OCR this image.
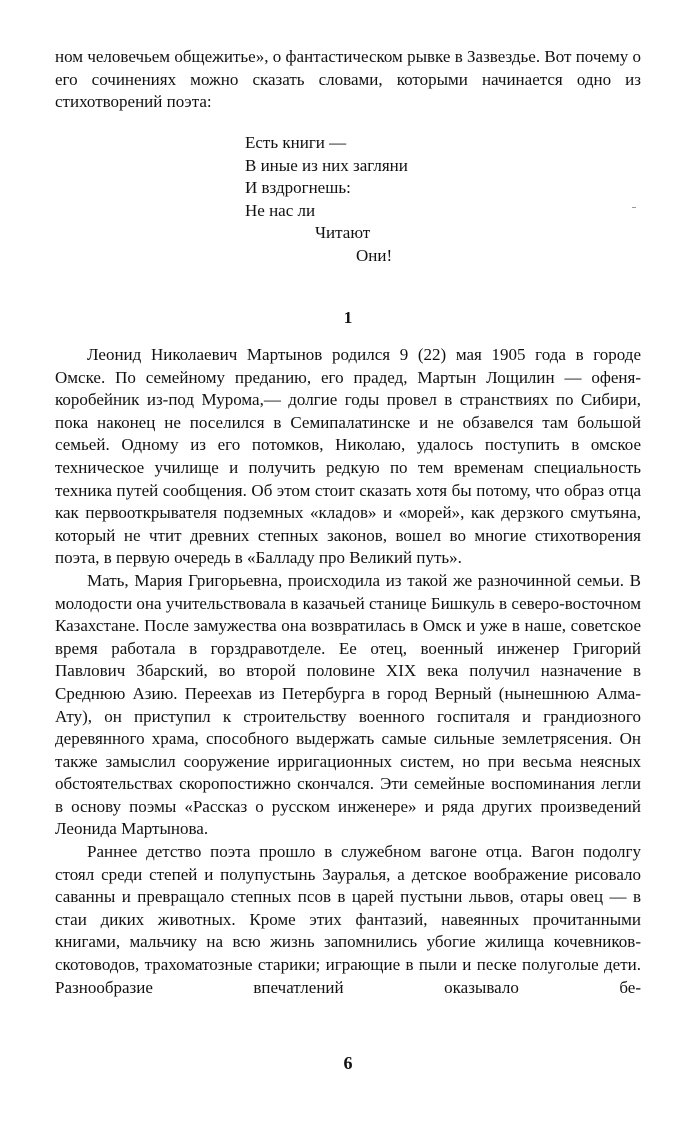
ном человечьем общежитье», о фантастическом рывке в Зазвездье. Вот почему о его сочинениях можно сказать словами, которыми начинается одно из стихотворений поэта:

Есть книги —
В иные из них загляни
И вздрогнешь:
Не нас ли
Читают
Они!
1

Леонид Николаевич Мартынов родился 9 (22) мая 1905 года в городе Омске. По семейному преданию, его прадед, Мартын Лощилин — офеня-коробейник из-под Мурома,— долгие годы провел в странствиях по Сибири, пока наконец не поселился в Семипалатинске и не обзавелся там большой семьей. Одному из его потомков, Николаю, удалось поступить в омское техническое училище и получить редкую по тем временам специальность техника путей сообщения. Об этом стоит сказать хотя бы потому, что образ отца как первооткрывателя подземных «кладов» и «морей», как дерзкого смутьяна, который не чтит древних степных законов, вошел во многие стихотворения поэта, в первую очередь в «Балладу про Великий путь».

Мать, Мария Григорьевна, происходила из такой же разночинной семьи. В молодости она учительствовала в казачьей станице Бишкуль в северо-восточном Казахстане. После замужества она возвратилась в Омск и уже в наше, советское время работала в горздравотделе. Ее отец, военный инженер Григорий Павлович Збарский, во второй половине XIX века получил назначение в Среднюю Азию. Переехав из Петербурга в город Верный (нынешнюю Алма-Ату), он приступил к строительству военного госпиталя и грандиозного деревянного храма, способного выдержать самые сильные землетрясения. Он также замыслил сооружение ирригационных систем, но при весьма неясных обстоятельствах скоропостижно скончался. Эти семейные воспоминания легли в основу поэмы «Рассказ о русском инженере» и ряда других произведений Леонида Мартынова.

Раннее детство поэта прошло в служебном вагоне отца. Вагон подолгу стоял среди степей и полупустынь Зауралья, а детское воображение рисовало саванны и превращало степных псов в царей пустыни львов, отары овец — в стаи диких животных. Кроме этих фантазий, навеянных прочитанными книгами, мальчику на всю жизнь запомнились убогие жилища кочевников-скотоводов, трахоматозные старики; играющие в пыли и песке полуголые дети. Разнообразие впечатлений оказывало бе-

6
